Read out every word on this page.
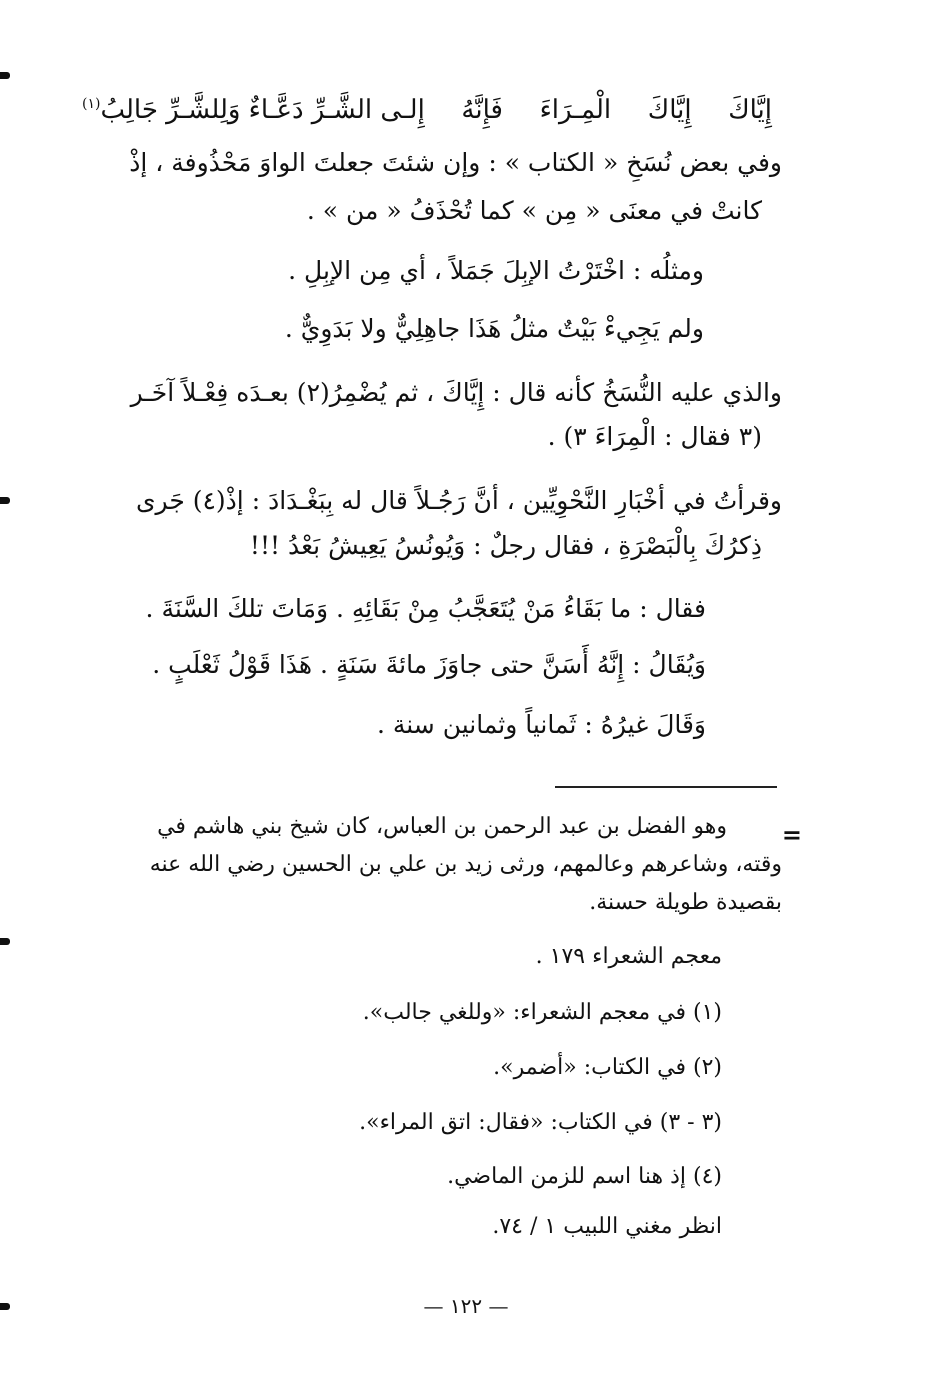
إِيَّاكَ
إِيَّاكَ
الْمِـرَاءَ
فَإِنَّهُ
إِلـى الشَّـرِّ دَعَّـاءٌ وَلِلشَّـرِّ جَالِبُ(١)
وفي بعض نُسَخِ « الكتاب » : وإن شئتَ جعلتَ الواوَ مَحْذُوفة ، إذْ
كانتْ في معنَى « مِن » كما تُحْذَفُ « من » .
ومثلُه : اخْتَرْتُ الإبِلَ جَمَلاً ، أي مِن الإبِلِ .
ولم يَجِيءْ بَيْتٌ مثلُ هَذَا جاهِلِيٌّ ولا بَدَوِيٌّ .
والذي عليه النُّسَخُ كأنه قال : إِيَّاكَ ، ثم يُضْمِرُ(٢) بعـدَه فِعْـلاً آخَـر
(٣ فقال : الْمِرَاءَ ٣) .
وقرأتُ في أخْبَارِ النَّحْوِيِّين ، أنَّ رَجُـلاً قال له بِبَغْـدَادَ : إذْ(٤) جَرى
ذِكرُكَ بِالْبَصْرَةِ ، فقال رجلٌ : وَيُونُسُ يَعِيشُ بَعْدُ !!!
فقال : ما بَقَاءُ مَنْ يُتَعَجَّبُ مِنْ بَقَائِهِ . وَمَاتَ تلكَ السَّنَةَ .
وَيُقَالُ : إِنَّهُ أَسَنَّ حتى جاوَزَ مائةَ سَنَةٍ . هَذَا قَوْلُ ثَعْلَبٍ .
وَقَالَ غيرُهُ : ثَمانياً وثمانين سنة .
=
وهو الفضل بن عبد الرحمن بن العباس، كان شيخ بني هاشم في
وقته، وشاعرهم وعالمهم، ورثى زيد بن علي بن الحسين رضي الله عنه
بقصيدة طويلة حسنة.
معجم الشعراء ١٧٩ .
(١) في معجم الشعراء: «وللغي جالب».
(٢) في الكتاب: «أضمر».
(٣ - ٣) في الكتاب: «فقال: اتق المراء».
(٤) إذ هنا اسم للزمن الماضي.
انظر مغني اللبيب ١ / ٧٤.
— ١٢٢ —
